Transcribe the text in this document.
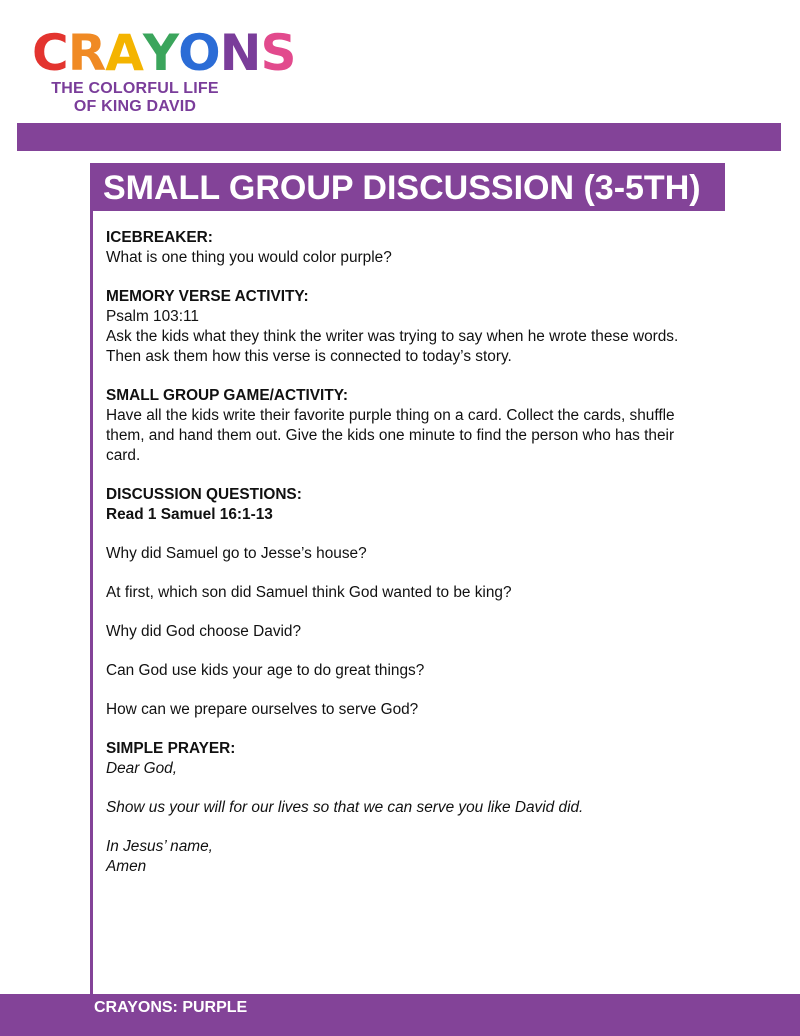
C R A Y O N S
THE COLORFUL LIFE
OF KING DAVID
SMALL GROUP DISCUSSION (3-5TH)

ICEBREAKER:

What is one thing you would color purple?

MEMORY VERSE ACTIVITY:

Psalm 103:11

Ask the kids what they think the writer was trying to say when he wrote these words.

Then ask them how this verse is connected to today’s story.

SMALL GROUP GAME/ACTIVITY:

Have all the kids write their favorite purple thing on a card. Collect the cards, shuffle

them, and hand them out. Give the kids one minute to find the person who has their

card.

DISCUSSION QUESTIONS:

Read 1 Samuel 16:1-13

Why did Samuel go to Jesse’s house?

At first, which son did Samuel think God wanted to be king?

Why did God choose David?

Can God use kids your age to do great things?

How can we prepare ourselves to serve God?

SIMPLE PRAYER:

Dear God,

Show us your will for our lives so that we can serve you like David did.

In Jesus’ name,

Amen

CRAYONS: PURPLE
